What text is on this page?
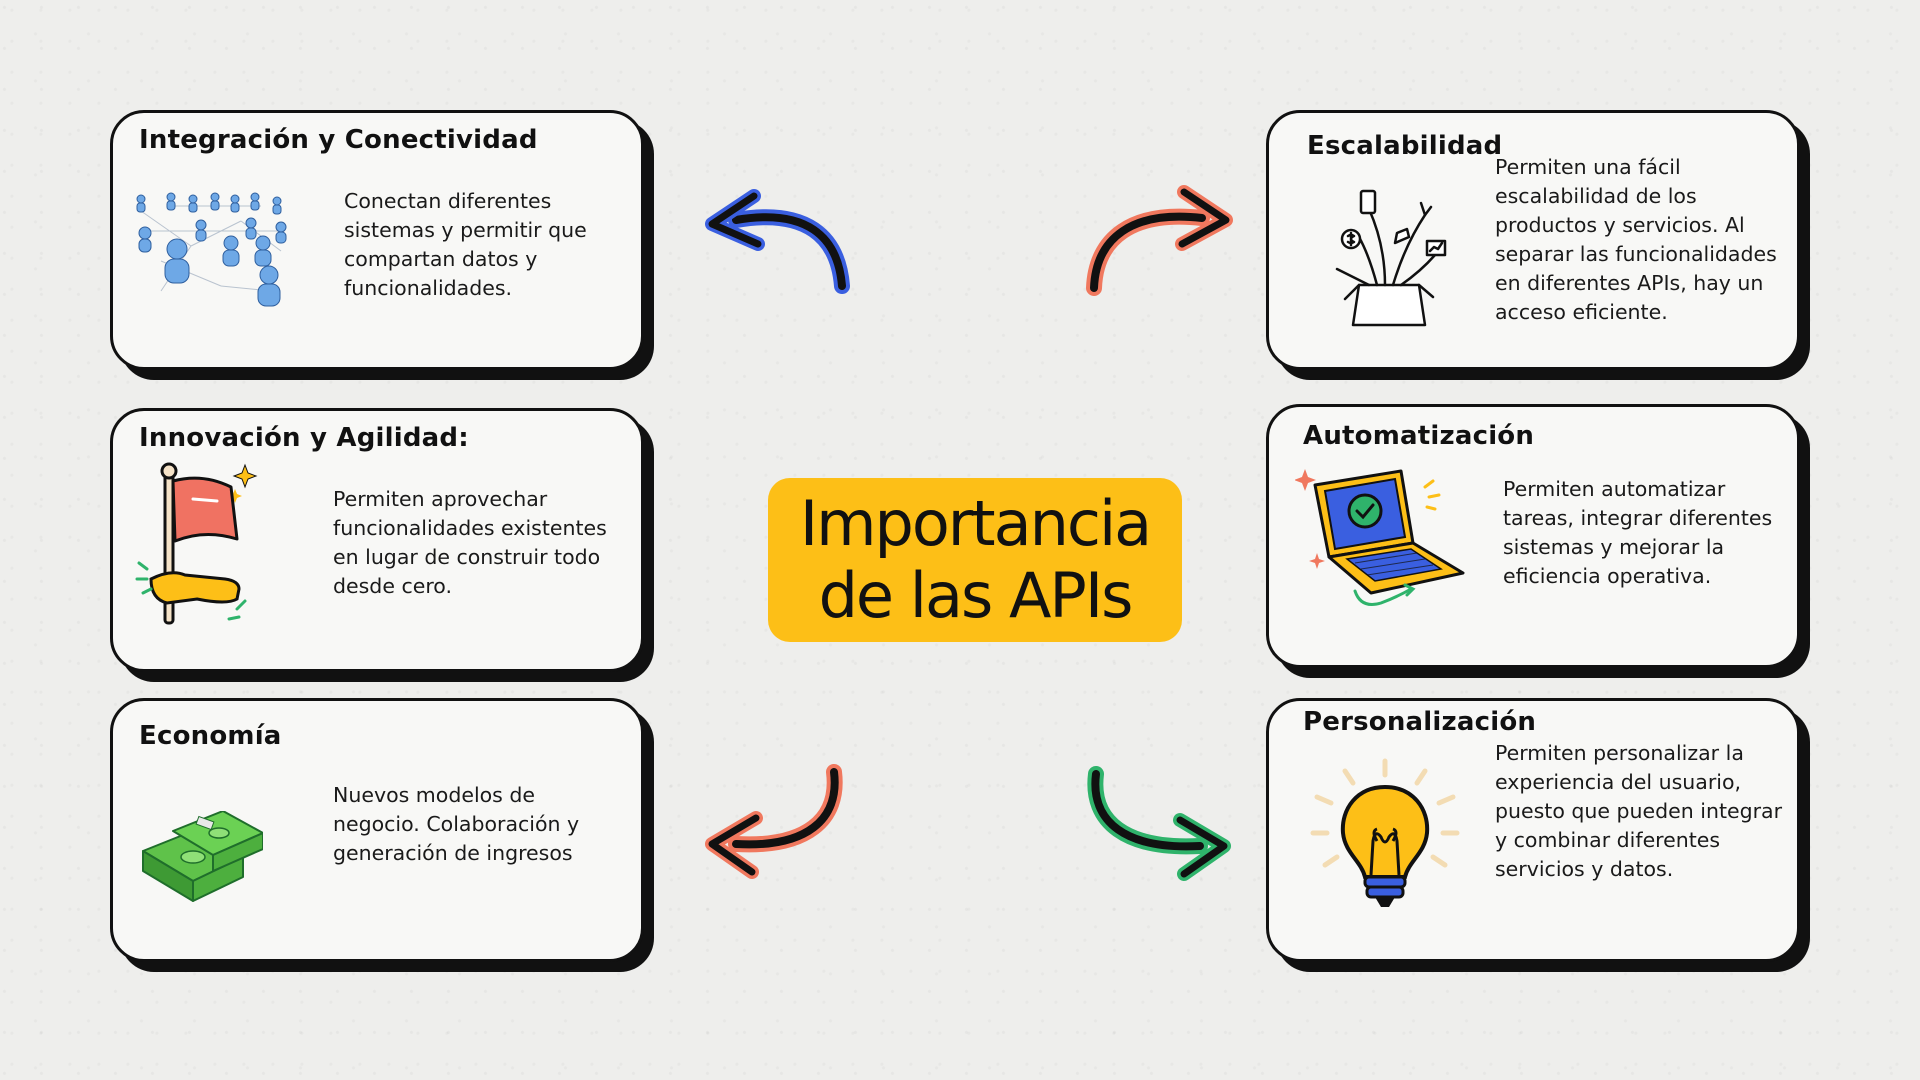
Integración y Conectividad
Conectan diferentes sistemas y permitir que compartan datos y funcionalidades.
Innovación y Agilidad:
Permiten aprovechar funcionalidades existentes en lugar de construir todo desde cero.
Economía
Nuevos modelos de negocio. Colaboración y generación de ingresos
Escalabilidad
Permiten una fácil escalabilidad de los productos y servicios. Al separar las funcionalidades en diferentes APIs, hay un acceso eficiente.
Automatización
Permiten automatizar tareas, integrar diferentes sistemas y mejorar la eficiencia operativa.
Personalización
Permiten personalizar la experiencia del usuario, puesto que pueden integrar y combinar diferentes servicios y datos.
Importancia
de las APIs
